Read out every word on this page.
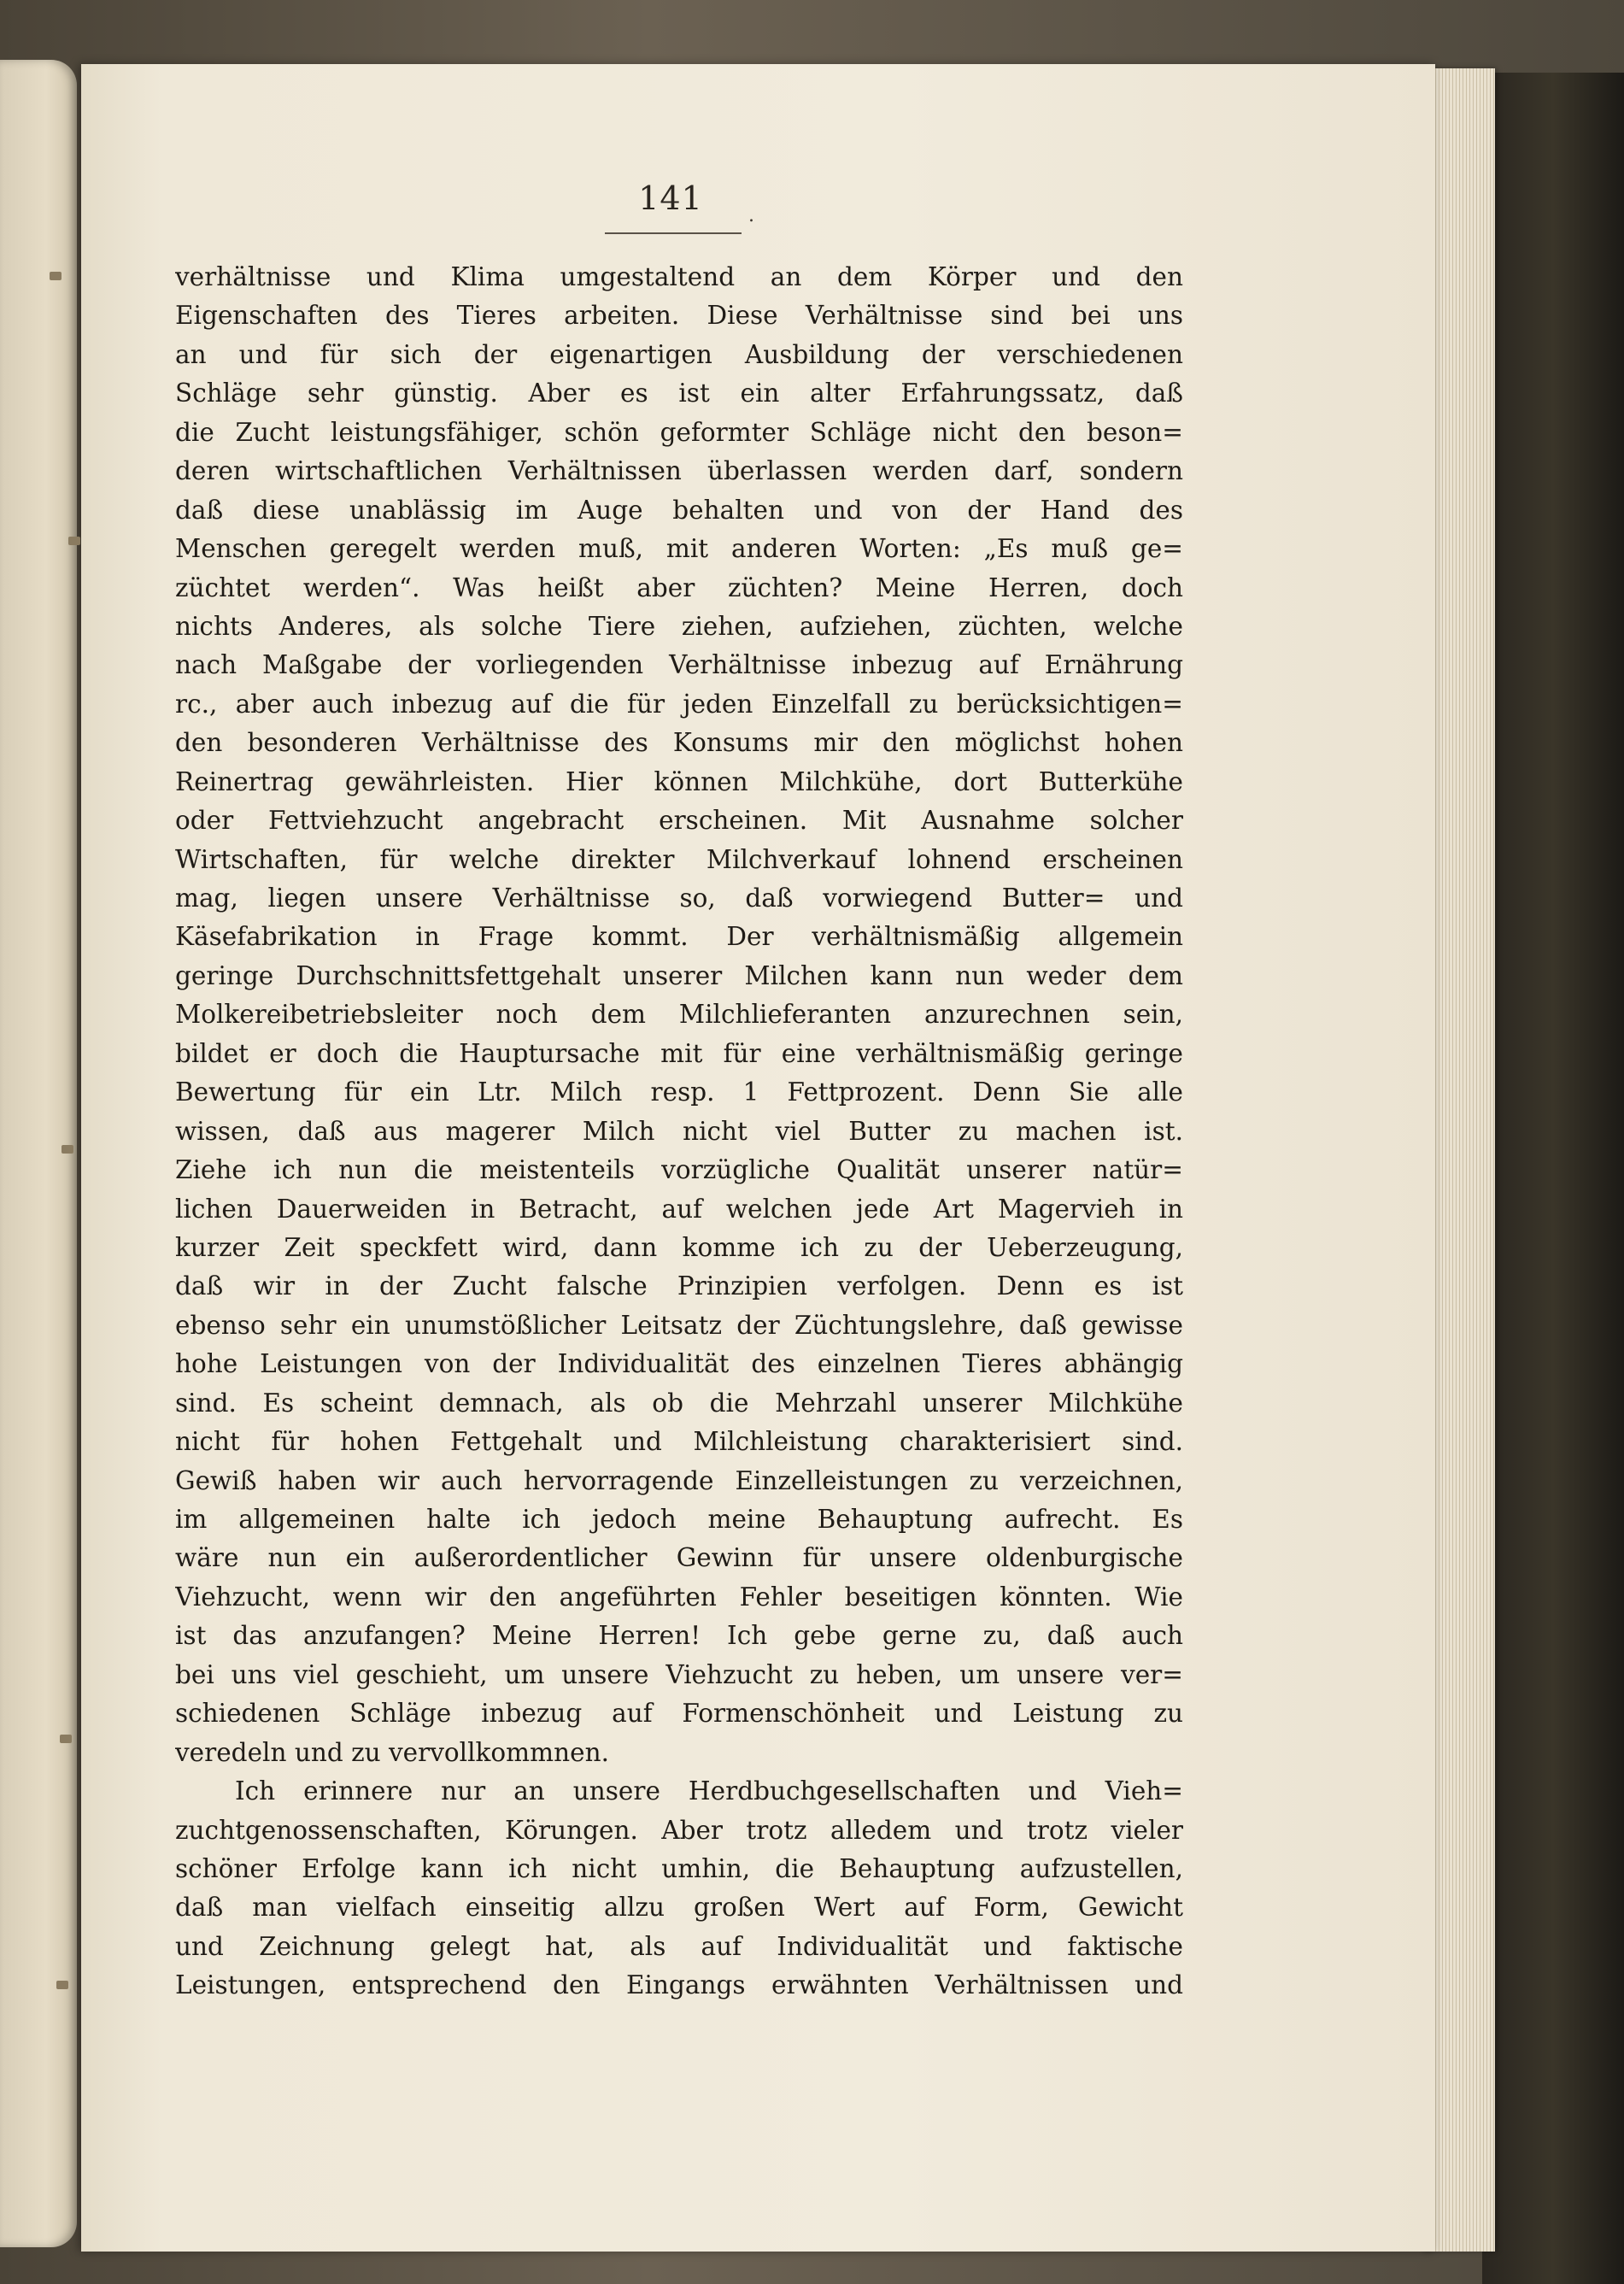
141	.
verhältnisse und Klima umgestaltend an dem Körper und den
Eigenschaften des Tieres arbeiten. Diese Verhältnisse sind bei uns
an und für sich der eigenartigen Ausbildung der verschiedenen
Schläge sehr günstig. Aber es ist ein alter Erfahrungssatz, daß
die Zucht leistungsfähiger, schön geformter Schläge nicht den beson=
deren wirtschaftlichen Verhältnissen überlassen werden darf, sondern
daß diese unablässig im Auge behalten und von der Hand des
Menschen geregelt werden muß, mit anderen Worten: „Es muß ge=
züchtet werden“. Was heißt aber züchten? Meine Herren, doch
nichts Anderes, als solche Tiere ziehen, aufziehen, züchten, welche
nach Maßgabe der vorliegenden Verhältnisse inbezug auf Ernährung
rc., aber auch inbezug auf die für jeden Einzelfall zu berücksichtigen=
den besonderen Verhältnisse des Konsums mir den möglichst hohen
Reinertrag gewährleisten. Hier können Milchkühe, dort Butterkühe
oder Fettviehzucht angebracht erscheinen. Mit Ausnahme solcher
Wirtschaften, für welche direkter Milchverkauf lohnend erscheinen
mag, liegen unsere Verhältnisse so, daß vorwiegend Butter= und
Käsefabrikation in Frage kommt. Der verhältnismäßig allgemein
geringe Durchschnittsfettgehalt unserer Milchen kann nun weder dem
Molkereibetriebsleiter noch dem Milchlieferanten anzurechnen sein,
bildet er doch die Hauptursache mit für eine verhältnismäßig geringe
Bewertung für ein Ltr. Milch resp. 1 Fettprozent. Denn Sie alle
wissen, daß aus magerer Milch nicht viel Butter zu machen ist.
Ziehe ich nun die meistenteils vorzügliche Qualität unserer natür=
lichen Dauerweiden in Betracht, auf welchen jede Art Magervieh in
kurzer Zeit speckfett wird, dann komme ich zu der Ueberzeugung,
daß wir in der Zucht falsche Prinzipien verfolgen. Denn es ist
ebenso sehr ein unumstößlicher Leitsatz der Züchtungslehre, daß gewisse
hohe Leistungen von der Individualität des einzelnen Tieres abhängig
sind. Es scheint demnach, als ob die Mehrzahl unserer Milchkühe
nicht für hohen Fettgehalt und Milchleistung charakterisiert sind.
Gewiß haben wir auch hervorragende Einzelleistungen zu verzeichnen,
im allgemeinen halte ich jedoch meine Behauptung aufrecht. Es
wäre nun ein außerordentlicher Gewinn für unsere oldenburgische
Viehzucht, wenn wir den angeführten Fehler beseitigen könnten. Wie
ist das anzufangen? Meine Herren! Ich gebe gerne zu, daß auch
bei uns viel geschieht, um unsere Viehzucht zu heben, um unsere ver=
schiedenen Schläge inbezug auf Formenschönheit und Leistung zu
veredeln und zu vervollkommnen.
Ich erinnere nur an unsere Herdbuchgesellschaften und Vieh=
zuchtgenossenschaften, Körungen. Aber trotz alledem und trotz vieler
schöner Erfolge kann ich nicht umhin, die Behauptung aufzustellen,
daß man vielfach einseitig allzu großen Wert auf Form, Gewicht
und Zeichnung gelegt hat, als auf Individualität und faktische
Leistungen, entsprechend den Eingangs erwähnten Verhältnissen und
